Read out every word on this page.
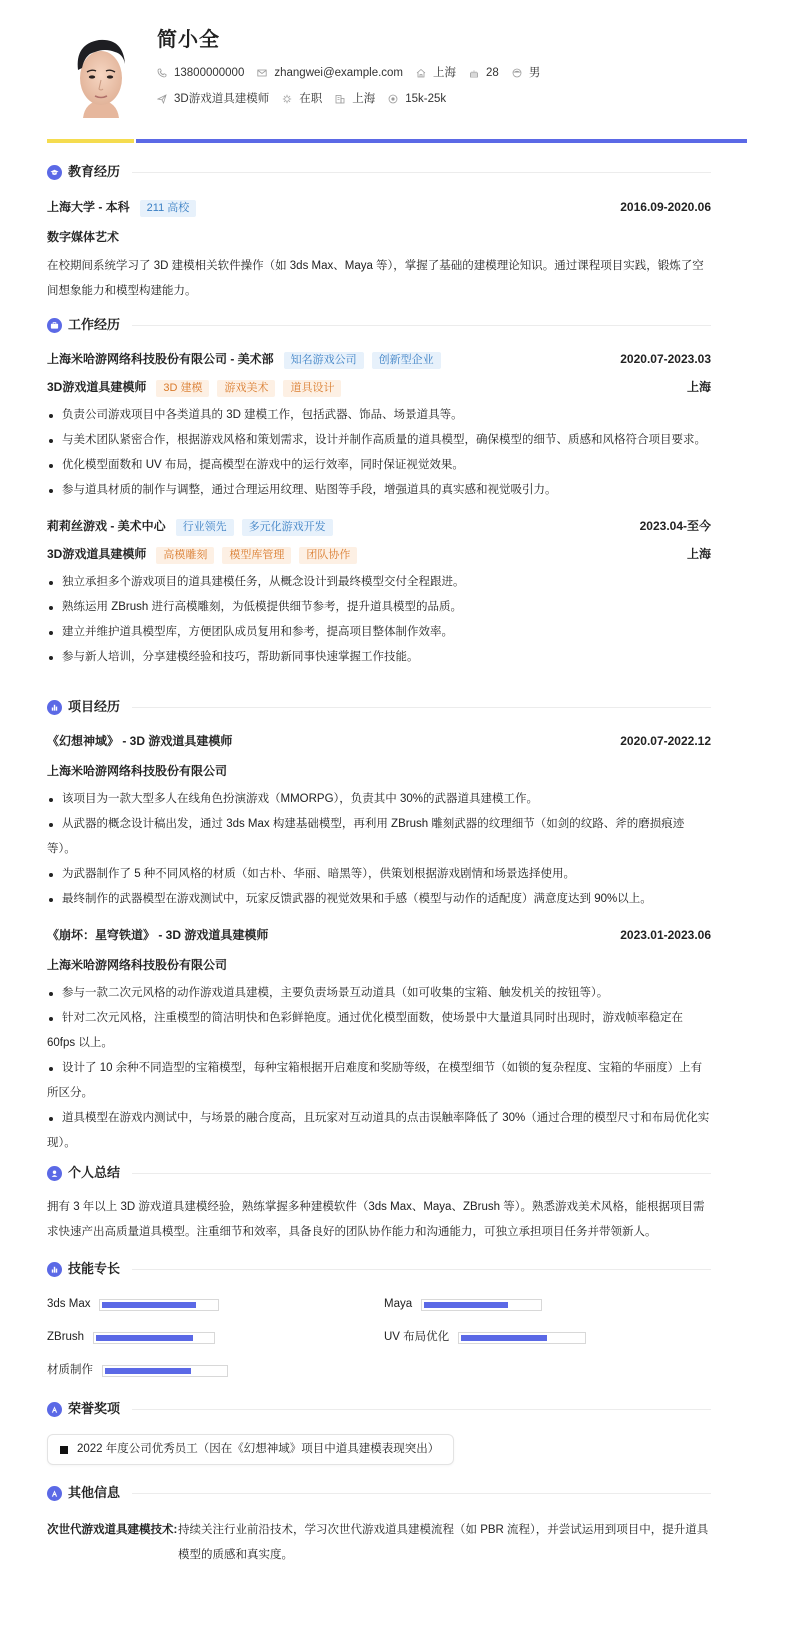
简小全
13800000000	zhangwei@example.com	上海	28	男
3D游戏道具建模师	在职	上海	15k-25k
教育经历
上海大学 - 本科	211 高校	2016.09-2020.06
数字媒体艺术
在校期间系统学习了 3D 建模相关软件操作（如 3ds Max、Maya 等），掌握了基础的建模理论知识。通过课程项目实践，锻炼了空间想象能力和模型构建能力。
工作经历
上海米哈游网络科技股份有限公司 - 美术部	知名游戏公司	创新型企业	2020.07-2023.03
3D游戏道具建模师	3D 建模	游戏美术	道具设计	上海
负责公司游戏项目中各类道具的 3D 建模工作，包括武器、饰品、场景道具等。
与美术团队紧密合作，根据游戏风格和策划需求，设计并制作高质量的道具模型，确保模型的细节、质感和风格符合项目要求。
优化模型面数和 UV 布局，提高模型在游戏中的运行效率，同时保证视觉效果。
参与道具材质的制作与调整，通过合理运用纹理、贴图等手段，增强道具的真实感和视觉吸引力。
莉莉丝游戏 - 美术中心	行业领先	多元化游戏开发	2023.04-至今
3D游戏道具建模师	高模雕刻	模型库管理	团队协作	上海
独立承担多个游戏项目的道具建模任务，从概念设计到最终模型交付全程跟进。
熟练运用 ZBrush 进行高模雕刻，为低模提供细节参考，提升道具模型的品质。
建立并维护道具模型库，方便团队成员复用和参考，提高项目整体制作效率。
参与新人培训，分享建模经验和技巧，帮助新同事快速掌握工作技能。
项目经历
《幻想神域》 - 3D 游戏道具建模师	2020.07-2022.12
上海米哈游网络科技股份有限公司
该项目为一款大型多人在线角色扮演游戏（MMORPG），负责其中 30%的武器道具建模工作。
从武器的概念设计稿出发，通过 3ds Max 构建基础模型，再利用 ZBrush 雕刻武器的纹理细节（如剑的纹路、斧的磨损痕迹等）。
为武器制作了 5 种不同风格的材质（如古朴、华丽、暗黑等），供策划根据游戏剧情和场景选择使用。
最终制作的武器模型在游戏测试中，玩家反馈武器的视觉效果和手感（模型与动作的适配度）满意度达到 90%以上。
《崩坏：星穹铁道》 - 3D 游戏道具建模师	2023.01-2023.06
上海米哈游网络科技股份有限公司
参与一款二次元风格的动作游戏道具建模，主要负责场景互动道具（如可收集的宝箱、触发机关的按钮等）。
针对二次元风格，注重模型的简洁明快和色彩鲜艳度。通过优化模型面数，使场景中大量道具同时出现时，游戏帧率稳定在 60fps 以上。
设计了 10 余种不同造型的宝箱模型，每种宝箱根据开启难度和奖励等级，在模型细节（如锁的复杂程度、宝箱的华丽度）上有所区分。
道具模型在游戏内测试中，与场景的融合度高，且玩家对互动道具的点击误触率降低了 30%（通过合理的模型尺寸和布局优化实现）。
个人总结
拥有 3 年以上 3D 游戏道具建模经验，熟练掌握多种建模软件（3ds Max、Maya、ZBrush 等）。熟悉游戏美术风格，能根据项目需求快速产出高质量道具模型。注重细节和效率，具备良好的团队协作能力和沟通能力，可独立承担项目任务并带领新人。
技能专长
3ds Max	Maya
ZBrush	UV 布局优化
材质制作
荣誉奖项
2022 年度公司优秀员工（因在《幻想神域》项目中道具建模表现突出）
其他信息
次世代游戏道具建模技术: 持续关注行业前沿技术，学习次世代游戏道具建模流程（如 PBR 流程），并尝试运用到项目中，提升道具模型的质感和真实度。
